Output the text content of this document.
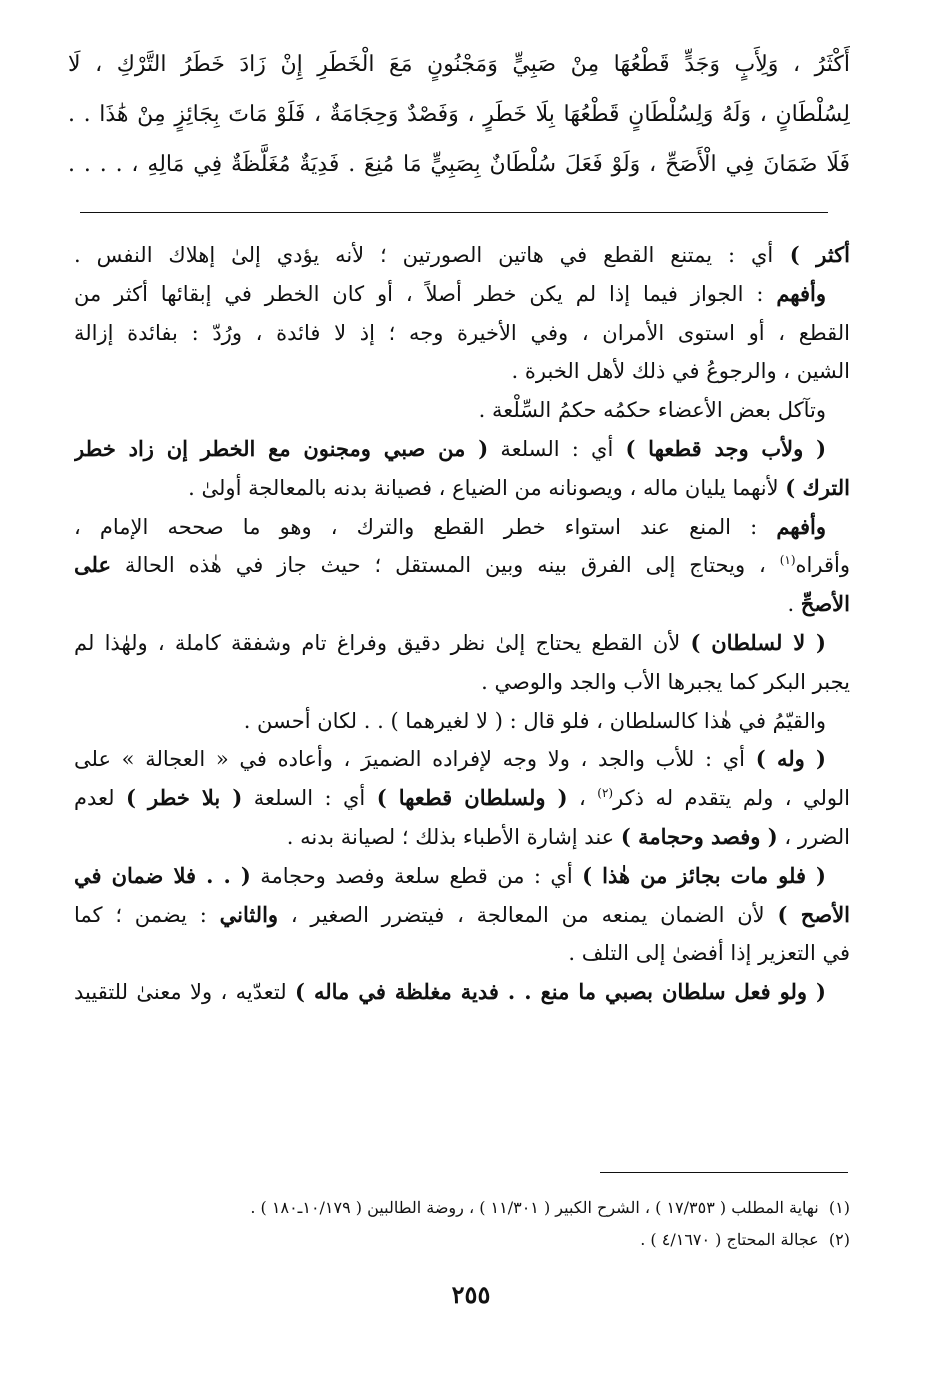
أَكْثَرُ ، وَلِأَبٍ وَجَدٍّ قَطْعُهَا مِنْ صَبِيٍّ وَمَجْنُونٍ مَعَ الْخَطَرِ إِنْ زَادَ خَطَرُ التَّرْكِ ، لَا
لِسُلْطَانٍ ، وَلَهُ وَلِسُلْطَانٍ قَطْعُهَا بِلَا خَطَرٍ ، وَفَصْدٌ وَحِجَامَةٌ ، فَلَوْ مَاتَ بِجَائِزٍ مِنْ هَٰذَا . .
فَلَا ضَمَانَ فِي الْأَصَحِّ ، وَلَوْ فَعَلَ سُلْطَانٌ بِصَبِيٍّ مَا مُنِعَ . فَدِيَةٌ مُغَلَّظَةٌ فِي مَالِهِ ، . . . .
أكثر ) أي : يمتنع القطع في هاتين الصورتين ؛ لأنه يؤدي إلىٰ إهلاك النفس .
وأفهم : الجواز فيما إذا لم يكن خطر أصلاً ، أو كان الخطر في إبقائها أكثر من
القطع ، أو استوى الأمران ، وفي الأخيرة وجه ؛ إذ لا فائدة ، ورُدّ : بفائدة إزالة
الشين ، والرجوعُ في ذلك لأهل الخبرة .
وتآكل بعض الأعضاء حكمُه حكمُ السِّلْعة .
( ولأب وجد قطعها ) أي : السلعة ( من صبي ومجنون مع الخطر إن زاد خطر
الترك ) لأنهما يليان ماله ، ويصونانه من الضياع ، فصيانة بدنه بالمعالجة أولىٰ .
وأفهم : المنع عند استواء خطر القطع والترك ، وهو ما صححه الإمام ،
وأقراه$^{(١)}$ ، ويحتاج إلى الفرق بينه وبين المستقل ؛ حيث جاز في هٰذه الحالة على
الأصحِّ .
( لا لسلطان ) لأن القطع يحتاج إلىٰ نظر دقيق وفراغ تام وشفقة كاملة ، ولهٰذا لم
يجبر البكر كما يجبرها الأب والجد والوصي .
والقيّمُ في هٰذا كالسلطان ، فلو قال : ( لا لغيرهما ) . . لكان أحسن .
( وله ) أي : للأب والجد ، ولا وجه لإفراده الضميرَ ، وأعاده في « العجالة » على
الولي ، ولم يتقدم له ذكر$^{(٢)}$ ، ( ولسلطان قطعها ) أي : السلعة ( بلا خطر ) لعدم
الضرر ، ( وفصد وحجامة ) عند إشارة الأطباء بذلك ؛ لصيانة بدنه .
( فلو مات بجائز من هٰذا ) أي : من قطع سلعة وفصد وحجامة ( . . فلا ضمان في
الأصح ) لأن الضمان يمنعه من المعالجة ، فيتضرر الصغير ، والثاني : يضمن ؛ كما
في التعزير إذا أفضىٰ إلى التلف .
( ولو فعل سلطان بصبي ما منع . . فدية مغلظة في ماله ) لتعدّيه ، ولا معنىٰ للتقييد
(١)  نهاية المطلب ( ١٧/٣٥٣ ) ، الشرح الكبير ( ١١/٣٠١ ) ، روضة الطالبين ( ١٠/١٧٩ـ١٨٠ ) .
(٢)  عجالة المحتاج ( ٤/١٦٧٠ ) .
٢٥٥
